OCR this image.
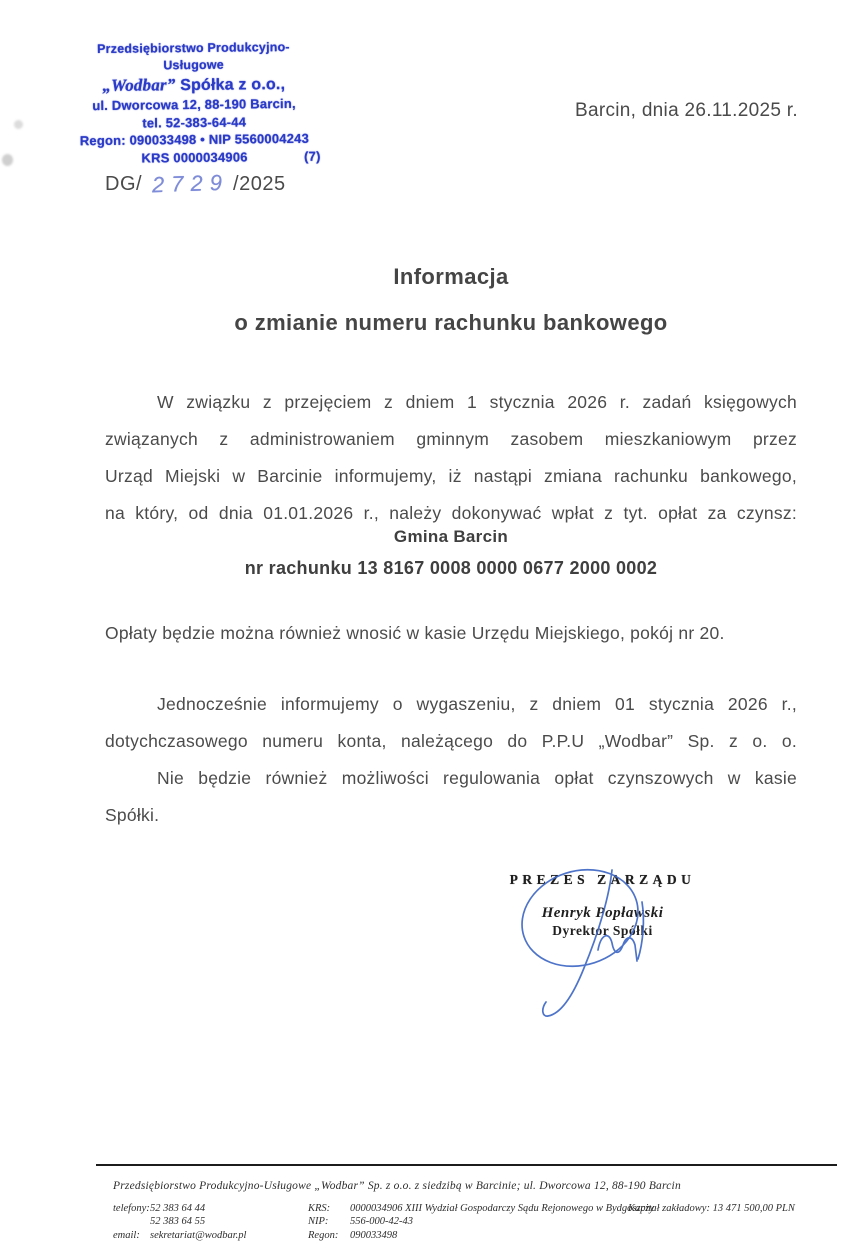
Przedsiębiorstwo Produkcyjno-Usługowe
„Wodbar” Spółka z o.o.,
ul. Dworcowa 12, 88-190 Barcin,
tel. 52-383-64-44
Regon: 090033498 • NIP 5560004243
KRS 0000034906	(7)
Barcin, dnia 26.11.2025 r.
DG/ 2729 /2025
Informacja
o zmianie numeru rachunku bankowego
W związku z przejęciem z dniem 1 stycznia 2026 r. zadań księgowych
związanych z administrowaniem gminnym zasobem mieszkaniowym przez
Urząd Miejski w Barcinie informujemy, iż nastąpi zmiana rachunku bankowego,
na który, od dnia 01.01.2026 r., należy dokonywać wpłat z tyt. opłat za czynsz:
Gmina Barcin
nr rachunku 13 8167 0008 0000 0677 2000 0002
Opłaty będzie można również wnosić w kasie Urzędu Miejskiego, pokój nr 20.
Jednocześnie informujemy o wygaszeniu, z dniem 01 stycznia 2026 r.,
dotychczasowego numeru konta, należącego do P.P.U „Wodbar” Sp. z o. o.
Nie będzie również możliwości regulowania opłat czynszowych w kasie
Spółki.
PREZES ZARZĄDU
Henryk Popławski
Dyrektor Spółki
Przedsiębiorstwo Produkcyjno-Usługowe „Wodbar” Sp. z o.o. z siedzibą w Barcinie; ul. Dworcowa 12, 88-190 Barcin
telefony: 52 383 64 44
52 383 64 55
email: sekretariat@wodbar.pl
KRS: 0000034906 XIII Wydział Gospodarczy Sądu Rejonowego w Bydgoszczy
NIP: 556-000-42-43
Regon: 090033498
Kapitał zakładowy: 13 471 500,00 PLN
